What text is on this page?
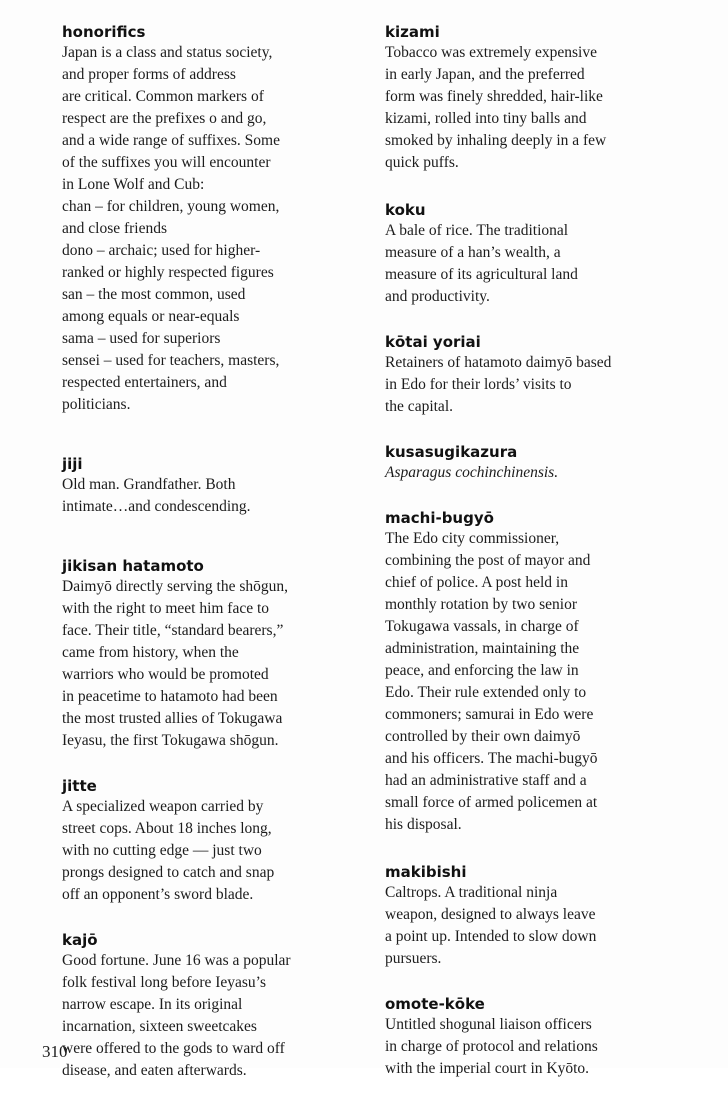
honorifics

Japan is a class and status society,
and proper forms of address
are critical. Common markers of
respect are the prefixes o and go,
and a wide range of suffixes. Some
of the suffixes you will encounter
in Lone Wolf and Cub:
chan – for children, young women,
and close friends
dono – archaic; used for higher-
ranked or highly respected figures
san – the most common, used
among equals or near-equals
sama – used for superiors
sensei – used for teachers, masters,
respected entertainers, and
politicians.

jiji

Old man. Grandfather. Both
intimate…and condescending.

jikisan hatamoto

Daimyō directly serving the shōgun,
with the right to meet him face to
face. Their title, “standard bearers,”
came from history, when the
warriors who would be promoted
in peacetime to hatamoto had been
the most trusted allies of Tokugawa
Ieyasu, the first Tokugawa shōgun.

jitte

A specialized weapon carried by
street cops. About 18 inches long,
with no cutting edge — just two
prongs designed to catch and snap
off an opponent’s sword blade.

kajō

Good fortune. June 16 was a popular
folk festival long before Ieyasu’s
narrow escape. In its original
incarnation, sixteen sweetcakes
were offered to the gods to ward off
disease, and eaten afterwards.

kizami

Tobacco was extremely expensive
in early Japan, and the preferred
form was finely shredded, hair-like
kizami, rolled into tiny balls and
smoked by inhaling deeply in a few
quick puffs.

koku

A bale of rice. The traditional
measure of a han’s wealth, a
measure of its agricultural land
and productivity.

kōtai yoriai

Retainers of hatamoto daimyō based
in Edo for their lords’ visits to
the capital.

kusasugikazura

Asparagus cochinchinensis.

machi-bugyō

The Edo city commissioner,
combining the post of mayor and
chief of police. A post held in
monthly rotation by two senior
Tokugawa vassals, in charge of
administration, maintaining the
peace, and enforcing the law in
Edo. Their rule extended only to
commoners; samurai in Edo were
controlled by their own daimyō
and his officers. The machi-bugyō
had an administrative staff and a
small force of armed policemen at
his disposal.

makibishi

Caltrops. A traditional ninja
weapon, designed to always leave
a point up. Intended to slow down
pursuers.

omote-kōke

Untitled shogunal liaison officers
in charge of protocol and relations
with the imperial court in Kyōto.

310
